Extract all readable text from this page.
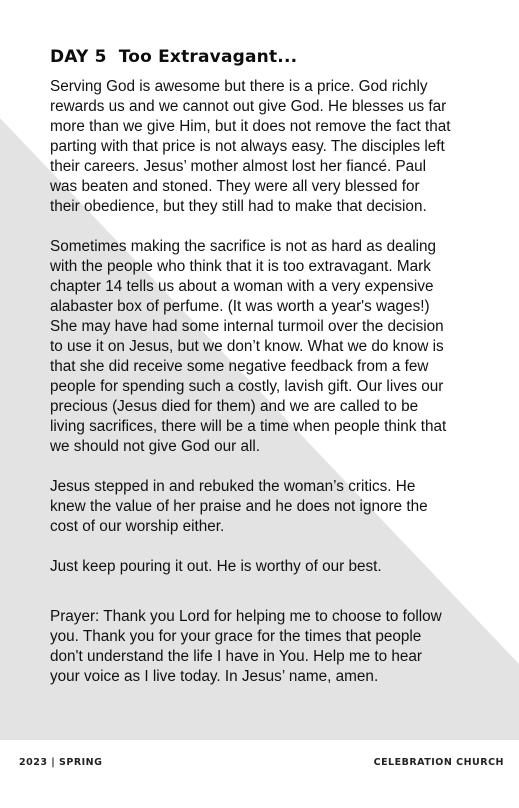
DAY 5 Too Extravagant...

Serving God is awesome but there is a price. God richly
rewards us and we cannot out give God. He blesses us far
more than we give Him, but it does not remove the fact that
parting with that price is not always easy. The disciples left
their careers. Jesus’ mother almost lost her fiancé. Paul
was beaten and stoned. They were all very blessed for
their obedience, but they still had to make that decision.

Sometimes making the sacrifice is not as hard as dealing
with the people who think that it is too extravagant. Mark
chapter 14 tells us about a woman with a very expensive
alabaster box of perfume. (It was worth a year's wages!)
She may have had some internal turmoil over the decision
to use it on Jesus, but we don’t know. What we do know is
that she did receive some negative feedback from a few
people for spending such a costly, lavish gift. Our lives our
precious (Jesus died for them) and we are called to be
living sacrifices, there will be a time when people think that
we should not give God our all.

Jesus stepped in and rebuked the woman’s critics. He
knew the value of her praise and he does not ignore the
cost of our worship either.

Just keep pouring it out. He is worthy of our best.

Prayer: Thank you Lord for helping me to choose to follow
you. Thank you for your grace for the times that people
don't understand the life I have in You. Help me to hear
your voice as I live today. In Jesus’ name, amen.

2023 | SPRING	CELEBRATION CHURCH
